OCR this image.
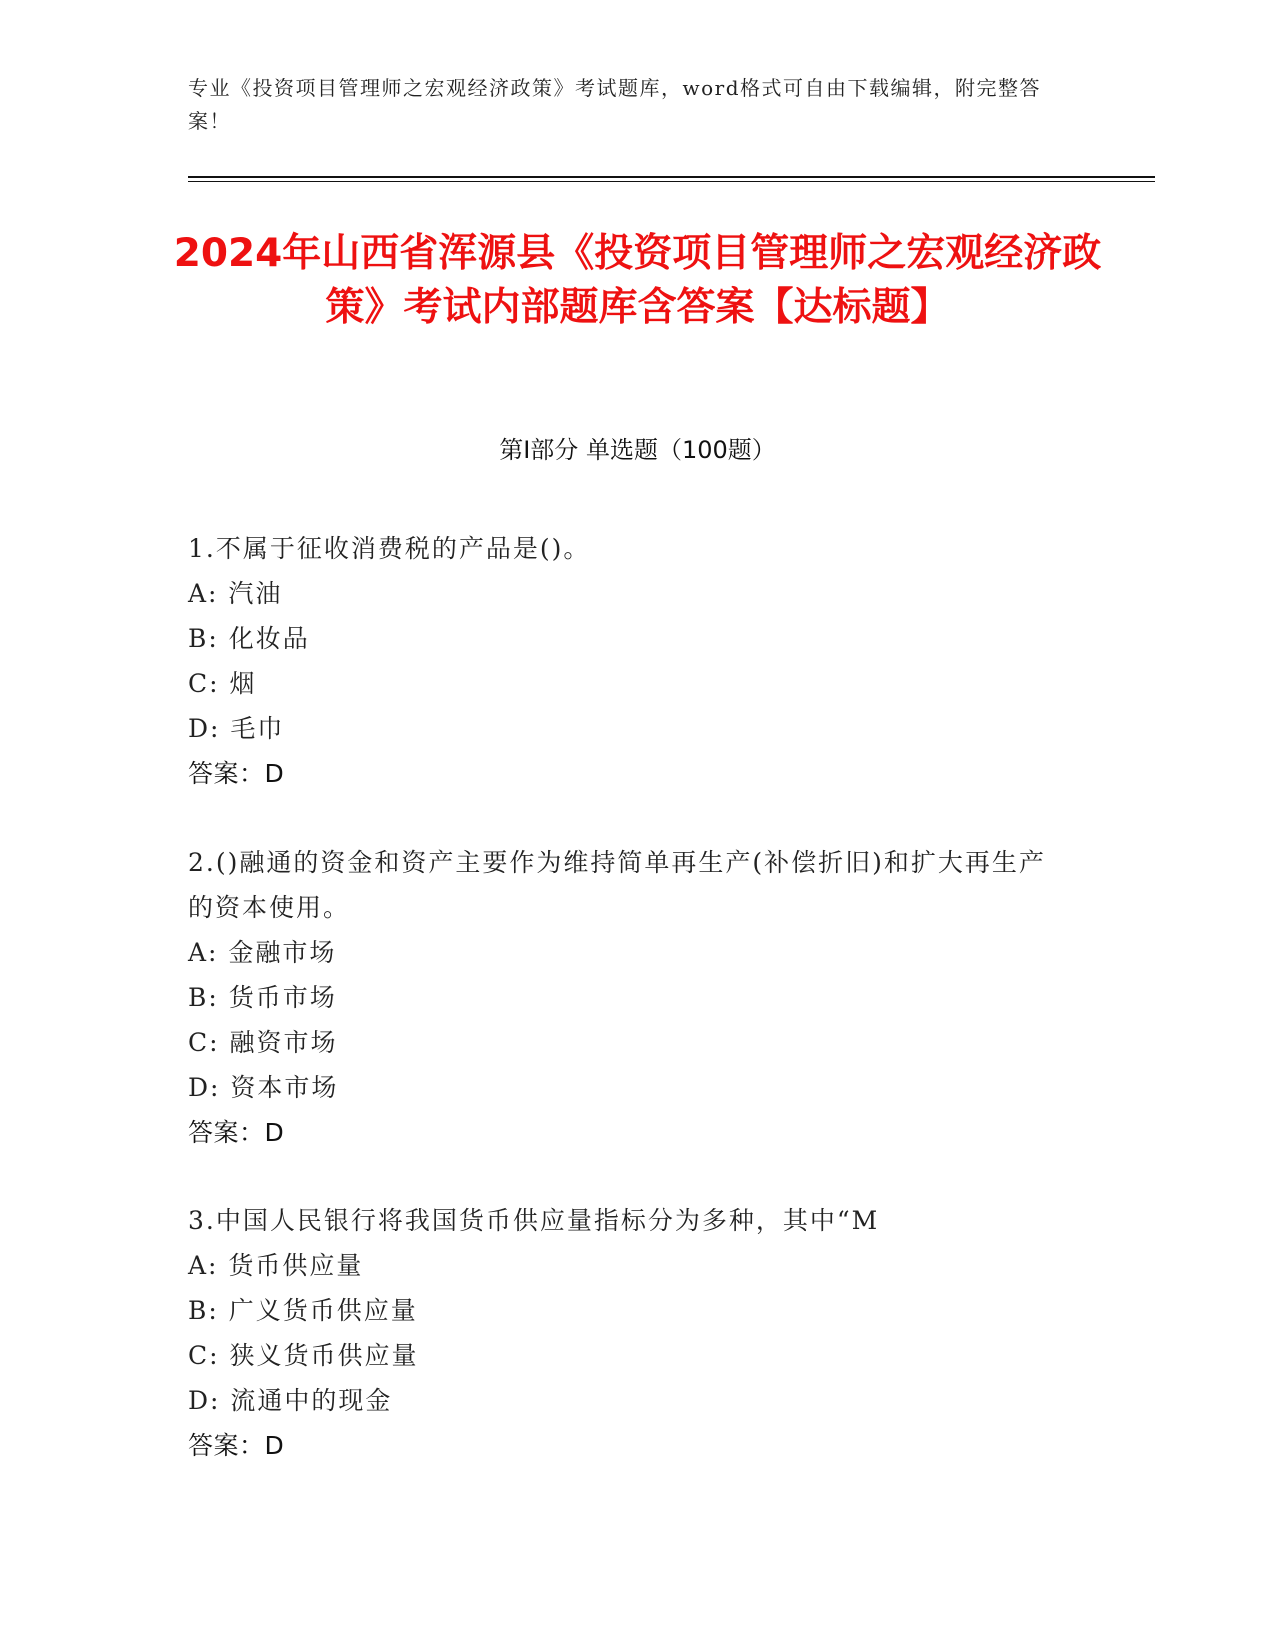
专业《投资项目管理师之宏观经济政策》考试题库，word格式可自由下载编辑，附完整答案！
2024年山西省浑源县《投资项目管理师之宏观经济政策》考试内部题库含答案【达标题】
第I部分 单选题（100题）
1.不属于征收消费税的产品是()。
A: 汽油
B: 化妆品
C: 烟
D: 毛巾
答案：D
2.()融通的资金和资产主要作为维持简单再生产(补偿折旧)和扩大再生产的资本使用。
A: 金融市场
B: 货币市场
C: 融资市场
D: 资本市场
答案：D
3.中国人民银行将我国货币供应量指标分为多种，其中“M
A: 货币供应量
B: 广义货币供应量
C: 狭义货币供应量
D: 流通中的现金
答案：D
